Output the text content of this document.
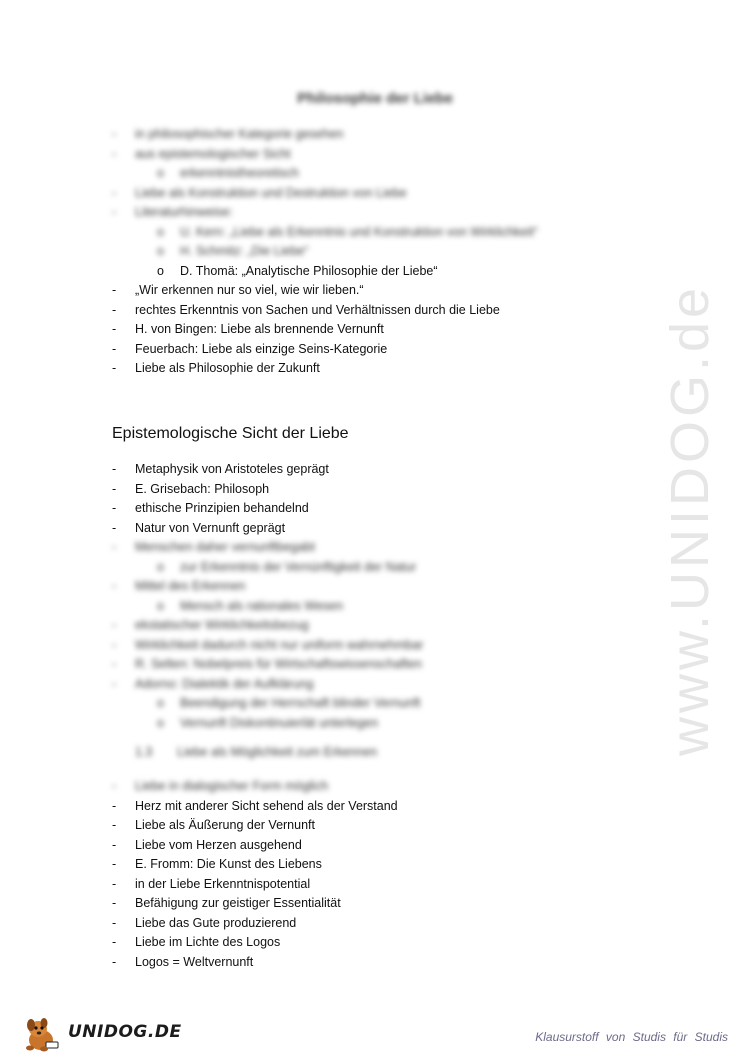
www.UNIDOG.de
Philosophie der Liebe
-	in philosophischer Kategorie gesehen
-	aus epistemologischer Sicht
o	erkenntnistheoretisch
-	Liebe als Konstruktion und Destruktion von Liebe
-	Literaturhinweise:
o	U. Kern: „Liebe als Erkenntnis und Konstruktion von Wirklichkeit“
o	H. Schmitz: „Die Liebe“
o	D. Thomä: „Analytische Philosophie der Liebe“
-	„Wir erkennen nur so viel, wie wir lieben.“
-	rechtes Erkenntnis von Sachen und Verhältnissen durch die Liebe
-	H. von Bingen: Liebe als brennende Vernunft
-	Feuerbach: Liebe als einzige Seins-Kategorie
-	Liebe als Philosophie der Zukunft
Epistemologische Sicht der Liebe
-	Metaphysik von Aristoteles geprägt
-	E. Grisebach: Philosoph
-	ethische Prinzipien behandelnd
-	Natur von Vernunft geprägt
-	Menschen daher vernunftbegabt
o	zur Erkenntnis der Vernünftigkeit der Natur
-	Mittel des Erkennen
o	Mensch als rationales Wesen
-	ekstatischer Wirklichkeitsbezug
-	Wirklichkeit dadurch nicht nur uniform wahrnehmbar
-	R. Selten: Nobelpreis für Wirtschaftswissenschaften
-	Adorno: Dialektik der Aufklärung
o	Beendigung der Herrschaft blinder Vernunft
o	Vernunft Diskontinuierlät unterlegen
1.3 Liebe als Möglichkeit zum Erkennen
-	Liebe in dialogischer Form möglich
-	Herz mit anderer Sicht sehend als der Verstand
-	Liebe als Äußerung der Vernunft
-	Liebe vom Herzen ausgehend
-	E. Fromm: Die Kunst des Liebens
-	in der Liebe Erkenntnispotential
-	Befähigung zur geistiger Essentialität
-	Liebe das Gute produzierend
-	Liebe im Lichte des Logos
-	Logos = Weltvernunft
UNIDOG.DE	Klausurstoff von Studis für Studis
